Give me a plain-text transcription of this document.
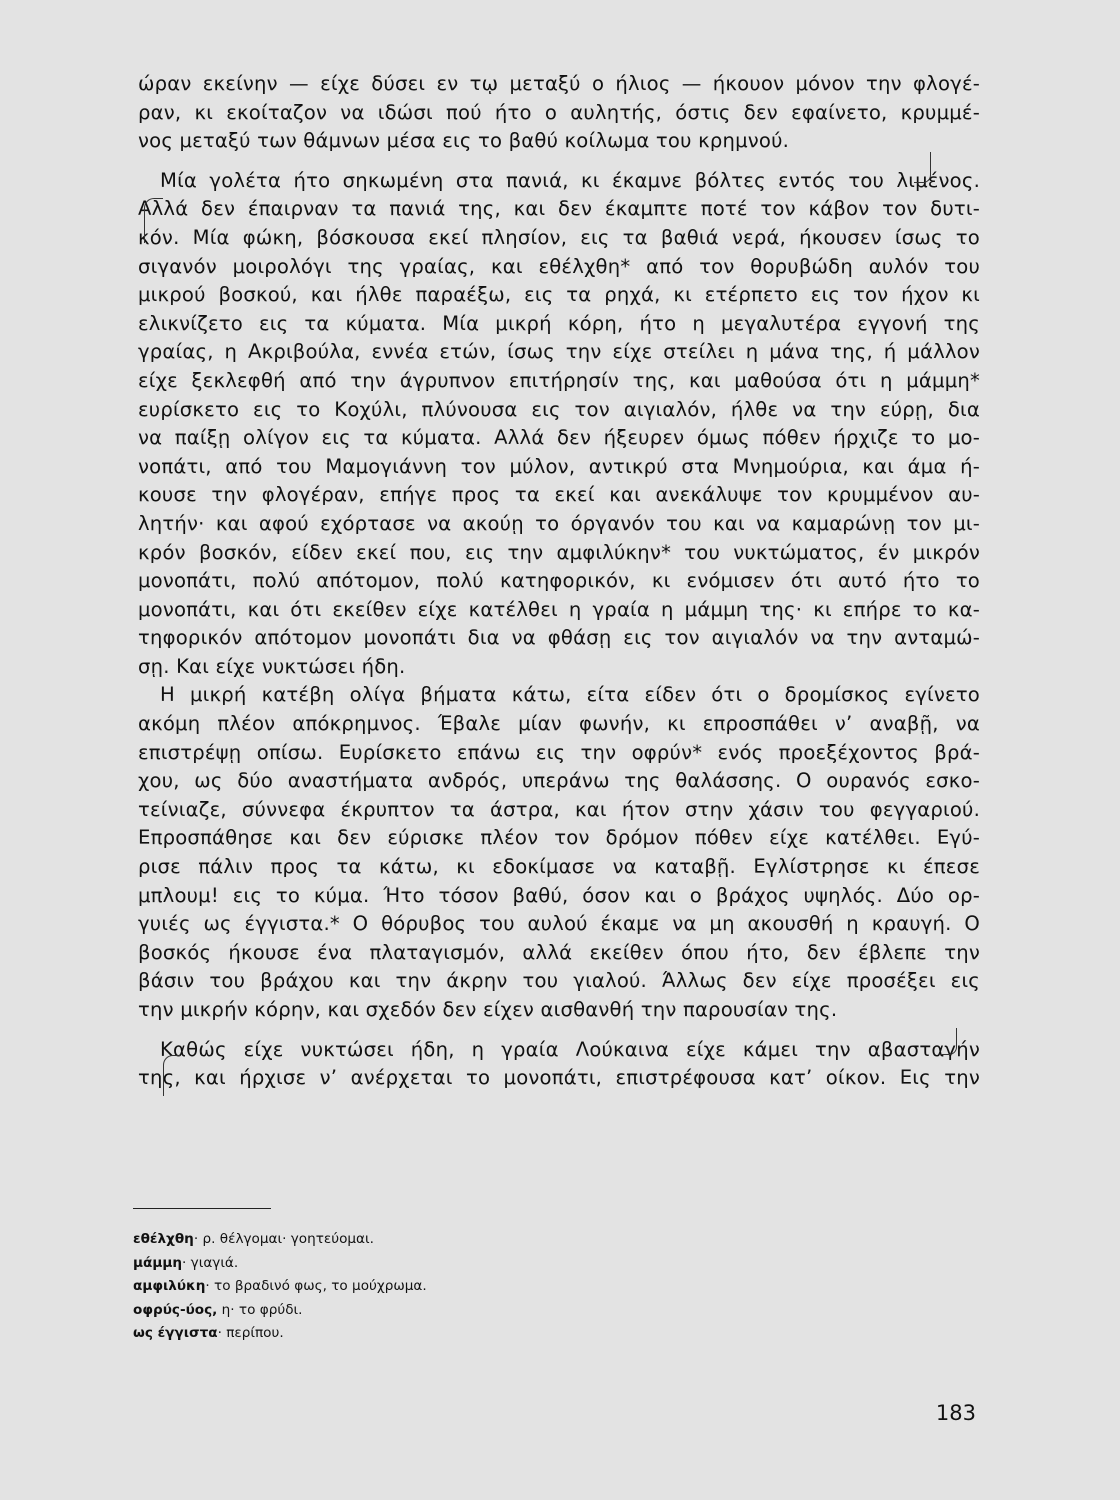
ώραν εκείνην — είχε δύσει εν τῳ μεταξύ ο ήλιος — ήκουον μόνον την φλογέ-
ραν, κι εκοίταζον να ιδώσι πού ήτο ο αυλητής, όστις δεν εφαίνετο, κρυμμέ-
νος μεταξύ των θάμνων μέσα εις το βαθύ κοίλωμα του κρημνού.
Μία γολέτα ήτο σηκωμένη στα πανιά, κι έκαμνε βόλτες εντός του λιμένος.
Αλλά δεν έπαιρναν τα πανιά της, και δεν έκαμπτε ποτέ τον κάβον τον δυτι-
κόν. Μία φώκη, βόσκουσα εκεί πλησίον, εις τα βαθιά νερά, ήκουσεν ίσως το
σιγανόν μοιρολόγι της γραίας, και εθέλχθη* από τον θορυβώδη αυλόν του
μικρού βοσκού, και ήλθε παραέξω, εις τα ρηχά, κι ετέρπετο εις τον ήχον κι
ελικνίζετο εις τα κύματα. Μία μικρή κόρη, ήτο η μεγαλυτέρα εγγονή της
γραίας, η Ακριβούλα, εννέα ετών, ίσως την είχε στείλει η μάνα της, ή μάλλον
είχε ξεκλεφθή από την άγρυπνον επιτήρησίν της, και μαθούσα ότι η μάμμη*
ευρίσκετο εις το Κοχύλι, πλύνουσα εις τον αιγιαλόν, ήλθε να την εύρῃ, δια
να παίξῃ ολίγον εις τα κύματα. Αλλά δεν ήξευρεν όμως πόθεν ήρχιζε το μο-
νοπάτι, από του Μαμογιάννη τον μύλον, αντικρύ στα Μνημούρια, και άμα ή-
κουσε την φλογέραν, επήγε προς τα εκεί και ανεκάλυψε τον κρυμμένον αυ-
λητήν· και αφού εχόρτασε να ακούῃ το όργανόν του και να καμαρώνῃ τον μι-
κρόν βοσκόν, είδεν εκεί που, εις την αμφιλύκην* του νυκτώματος, έν μικρόν
μονοπάτι, πολύ απότομον, πολύ κατηφορικόν, κι ενόμισεν ότι αυτό ήτο το
μονοπάτι, και ότι εκείθεν είχε κατέλθει η γραία η μάμμη της· κι επήρε το κα-
τηφορικόν απότομον μονοπάτι δια να φθάσῃ εις τον αιγιαλόν να την ανταμώ-
σῃ. Και είχε νυκτώσει ήδη.
Η μικρή κατέβη ολίγα βήματα κάτω, είτα είδεν ότι ο δρομίσκος εγίνετο
ακόμη πλέον απόκρημνος. Έβαλε μίαν φωνήν, κι επροσπάθει ν’ αναβῇ, να
επιστρέψῃ οπίσω. Ευρίσκετο επάνω εις την οφρύν* ενός προεξέχοντος βρά-
χου, ως δύο αναστήματα ανδρός, υπεράνω της θαλάσσης. Ο ουρανός εσκο-
τείνιαζε, σύννεφα έκρυπτον τα άστρα, και ήτον στην χάσιν του φεγγαριού.
Επροσπάθησε και δεν εύρισκε πλέον τον δρόμον πόθεν είχε κατέλθει. Εγύ-
ρισε πάλιν προς τα κάτω, κι εδοκίμασε να καταβῇ. Εγλίστρησε κι έπεσε
μπλουμ! εις το κύμα. Ήτο τόσον βαθύ, όσον και ο βράχος υψηλός. Δύο ορ-
γυιές ως έγγιστα.* Ο θόρυβος του αυλού έκαμε να μη ακουσθή η κραυγή. Ο
βοσκός ήκουσε ένα πλαταγισμόν, αλλά εκείθεν όπου ήτο, δεν έβλεπε την
βάσιν του βράχου και την άκρην του γιαλού. Άλλως δεν είχε προσέξει εις
την μικρήν κόρην, και σχεδόν δεν είχεν αισθανθή την παρουσίαν της.
Καθώς είχε νυκτώσει ήδη, η γραία Λούκαινα είχε κάμει την αβασταγήν
της, και ήρχισε ν’ ανέρχεται το μονοπάτι, επιστρέφουσα κατ’ οίκον. Εις την
εθέλχθη· ρ. θέλγομαι· γοητεύομαι.
μάμμη· γιαγιά.
αμφιλύκη· το βραδινό φως, το μούχρωμα.
οφρύς-ύος, η· το φρύδι.
ως έγγιστα· περίπου.
183
